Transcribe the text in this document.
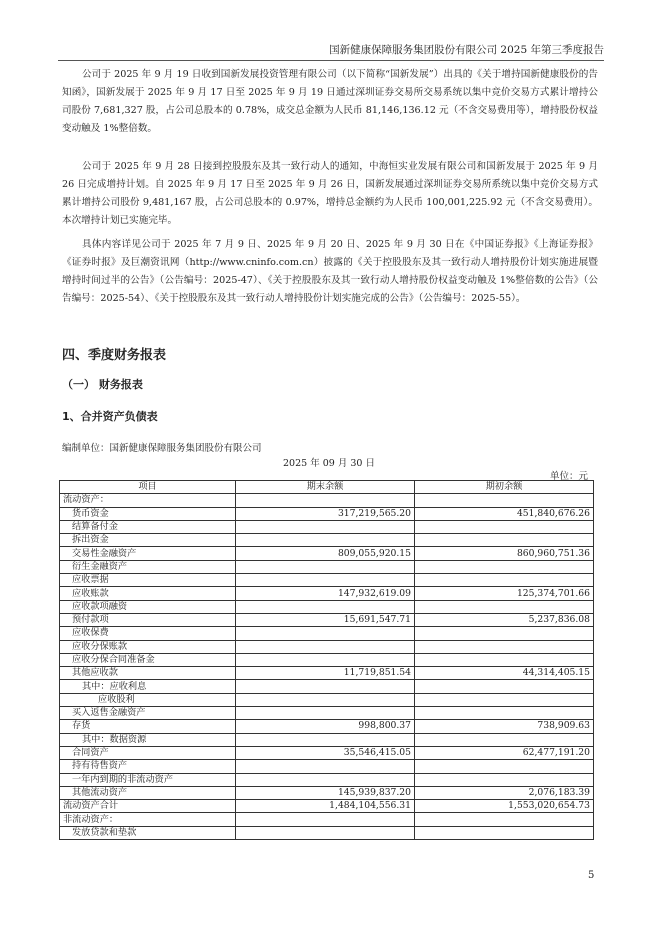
国新健康保障服务集团股份有限公司 2025 年第三季度报告

公司于 2025 年 9 月 19 日收到国新发展投资管理有限公司（以下简称“国新发展”）出具的《关于增持国新健康股份的告知函》，国新发展于 2025 年 9 月 17 日至 2025 年 9 月 19 日通过深圳证券交易所交易系统以集中竞价交易方式累计增持公司股份 7,681,327 股，占公司总股本的 0.78%，成交总金额为人民币 81,146,136.12 元（不含交易费用等），增持股份权益变动触及 1%整倍数。

公司于 2025 年 9 月 28 日接到控股股东及其一致行动人的通知，中海恒实业发展有限公司和国新发展于 2025 年 9 月 26 日完成增持计划。自 2025 年 9 月 17 日至 2025 年 9 月 26 日，国新发展通过深圳证券交易所系统以集中竞价交易方式累计增持公司股份 9,481,167 股，占公司总股本的 0.97%，增持总金额约为人民币 100,001,225.92 元（不含交易费用）。本次增持计划已实施完毕。

具体内容详见公司于 2025 年 7 月 9 日、2025 年 9 月 20 日、2025 年 9 月 30 日在《中国证券报》《上海证券报》《证券时报》及巨潮资讯网（http://www.cninfo.com.cn）披露的《关于控股股东及其一致行动人增持股份计划实施进展暨增持时间过半的公告》（公告编号：2025-47）、《关于控股股东及其一致行动人增持股份权益变动触及 1%整倍数的公告》（公告编号：2025-54）、《关于控股股东及其一致行动人增持股份计划实施完成的公告》（公告编号：2025-55）。

四、季度财务报表
（一） 财务报表
1、合并资产负债表
编制单位：国新健康保障服务集团股份有限公司
2025 年 09 月 30 日
单位：元
项目	期末余额	期初余额
流动资产：		
货币资金	317,219,565.20	451,840,676.26
结算备付金		
拆出资金		
交易性金融资产	809,055,920.15	860,960,751.36
衍生金融资产		
应收票据		
应收账款	147,932,619.09	125,374,701.66
应收款项融资		
预付款项	15,691,547.71	5,237,836.08
应收保费		
应收分保账款		
应收分保合同准备金		
其他应收款	11,719,851.54	44,314,405.15
其中：应收利息		
应收股利		
买入返售金融资产		
存货	998,800.37	738,909.63
其中：数据资源		
合同资产	35,546,415.05	62,477,191.20
持有待售资产		
一年内到期的非流动资产		
其他流动资产	145,939,837.20	2,076,183.39
流动资产合计	1,484,104,556.31	1,553,020,654.73
非流动资产：		
发放贷款和垫款		
5
